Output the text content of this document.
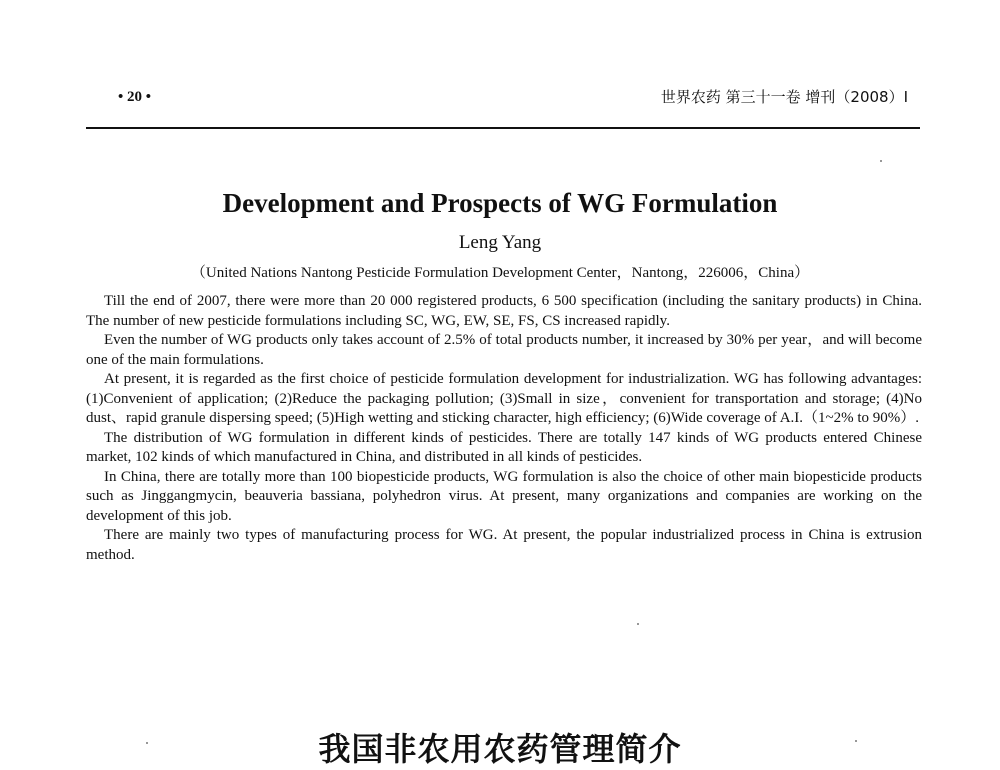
• 20 •	世界农药 第三十一卷 增刊（2008）Ⅰ
Development and Prospects of WG Formulation
Leng Yang
（United Nations Nantong Pesticide Formulation Development Center，Nantong，226006，China）

Till the end of 2007, there were more than 20 000 registered products, 6 500 specification (including the sanitary products) in China. The number of new pesticide formulations including SC, WG, EW, SE, FS, CS increased rapidly.

Even the number of WG products only takes account of 2.5% of total products number, it increased by 30% per year，and will become one of the main formulations.

At present, it is regarded as the first choice of pesticide formulation development for industrialization. WG has following advantages:(1)Convenient of application; (2)Reduce the packaging pollution; (3)Small in size，convenient for transportation and storage; (4)No dust、rapid granule dispersing speed; (5)High wetting and sticking character, high efficiency; (6)Wide coverage of A.I.（1~2% to 90%）.

The distribution of WG formulation in different kinds of pesticides. There are totally 147 kinds of WG products entered Chinese market, 102 kinds of which manufactured in China, and distributed in all kinds of pesticides.

In China, there are totally more than 100 biopesticide products, WG formulation is also the choice of other main biopesticide products such as Jinggangmycin, beauveria bassiana, polyhedron virus. At present, many organizations and companies are working on the development of this job.

There are mainly two types of manufacturing process for WG. At present, the popular industrialized process in China is extrusion method.

我国非农用农药管理简介
